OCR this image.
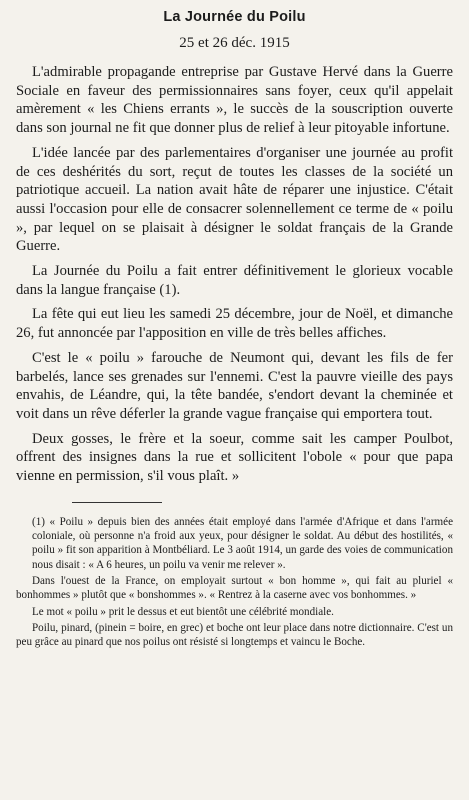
La Journée du Poilu
25 et 26 déc. 1915

L'admirable propagande entreprise par Gustave Hervé dans la Guerre Sociale en faveur des permissionnaires sans foyer, ceux qu'il appelait amèrement « les Chiens errants », le succès de la souscription ouverte dans son journal ne fit que donner plus de relief à leur pitoyable infortune.

L'idée lancée par des parlementaires d'organiser une journée au profit de ces deshérités du sort, reçut de toutes les classes de la société un patriotique accueil. La nation avait hâte de réparer une injustice. C'était aussi l'occasion pour elle de consacrer solennellement ce terme de « poilu », par lequel on se plaisait à désigner le soldat français de la Grande Guerre.

La Journée du Poilu a fait entrer définitivement le glorieux vocable dans la langue française (1).

La fête qui eut lieu les samedi 25 décembre, jour de Noël, et dimanche 26, fut annoncée par l'apposition en ville de très belles affiches.

C'est le « poilu » farouche de Neumont qui, devant les fils de fer barbelés, lance ses grenades sur l'ennemi. C'est la pauvre vieille des pays envahis, de Léandre, qui, la tête bandée, s'endort devant la cheminée et voit dans un rêve déferler la grande vague française qui emportera tout.

Deux gosses, le frère et la soeur, comme sait les camper Poulbot, offrent des insignes dans la rue et sollicitent l'obole « pour que papa vienne en permission, s'il vous plaît. »

(1) « Poilu » depuis bien des années était employé dans l'armée d'Afrique et dans l'armée coloniale, où personne n'a froid aux yeux, pour désigner le soldat. Au début des hostilités, « poilu » fit son apparition à Montbéliard. Le 3 août 1914, un garde des voies de communication nous disait : « A 6 heures, un poilu va venir me relever ».

Dans l'ouest de la France, on employait surtout « bon homme », qui fait au pluriel « bonhommes » plutôt que « bonshommes ». « Rentrez à la caserne avec vos bonhommes. »

Le mot « poilu » prit le dessus et eut bientôt une célébrité mondiale.

Poilu, pinard, (pinein = boire, en grec) et boche ont leur place dans notre dictionnaire. C'est un peu grâce au pinard que nos poilus ont résisté si longtemps et vaincu le Boche.
